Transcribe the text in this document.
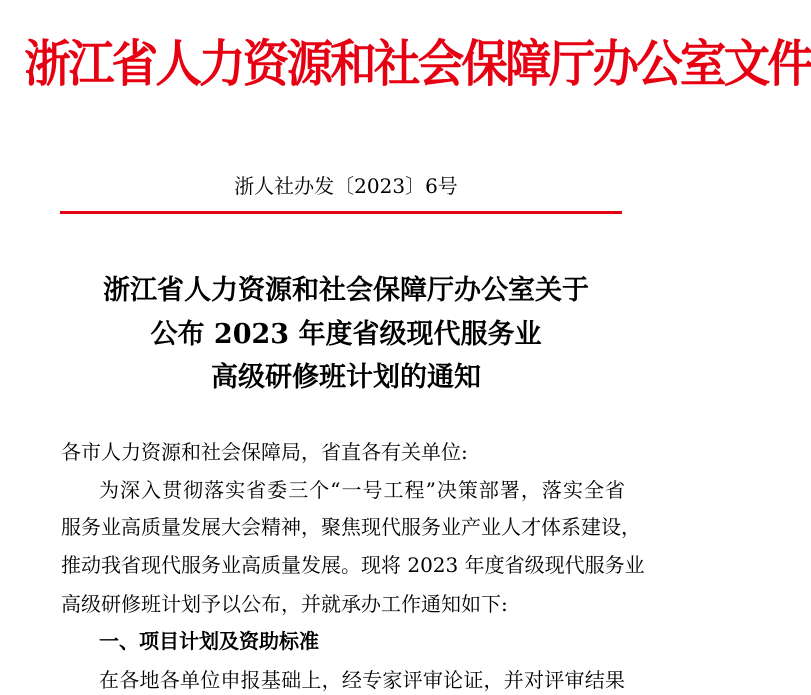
浙江省人力资源和社会保障厅办公室文件
浙人社办发〔2023〕6号
浙江省人力资源和社会保障厅办公室关于
公布 2023 年度省级现代服务业
高级研修班计划的通知
各市人力资源和社会保障局，省直各有关单位:
为深入贯彻落实省委三个“一号工程”决策部署，落实全省
服务业高质量发展大会精神，聚焦现代服务业产业人才体系建设，
推动我省现代服务业高质量发展。现将 2023 年度省级现代服务业
高级研修班计划予以公布，并就承办工作通知如下:
一、项目计划及资助标准
在各地各单位申报基础上，经专家评审论证，并对评审结果
